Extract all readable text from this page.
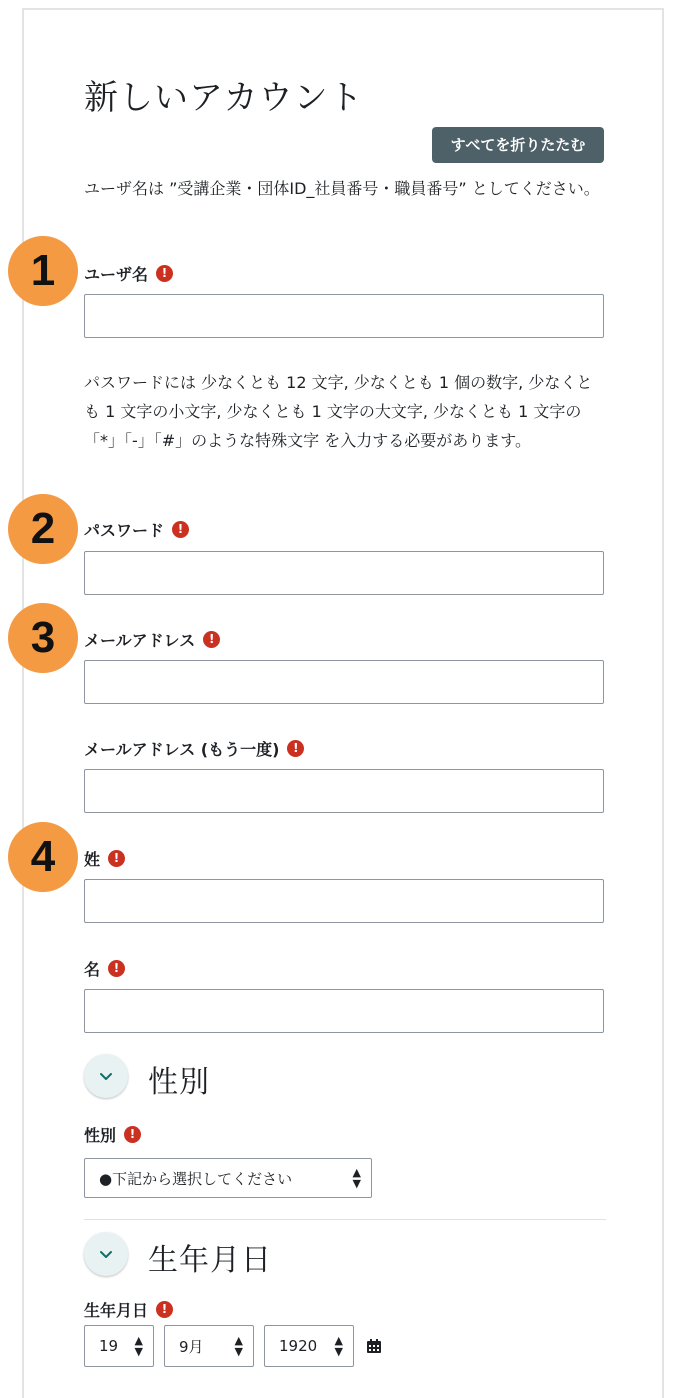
新しいアカウント
すべてを折りたたむ
ユーザ名は ”受講企業・団体ID_社員番号・職員番号” としてください。
1	ユーザ名	!
パスワードには 少なくとも 12 文字, 少なくとも 1 個の数字, 少なくとも 1 文字の小文字, 少なくとも 1 文字の大文字, 少なくとも 1 文字の「*」「-」「#」のような特殊文字 を入力する必要があります。
2	パスワード	!
3	メールアドレス	!
メールアドレス (もう一度)	!
4	姓	!
名	!
性別
性別	!
●下記から選択してください	▲
▼
生年月日
生年月日	!
19 ▲
▼ 9月	▲
▼ 1920 ▲
▼
